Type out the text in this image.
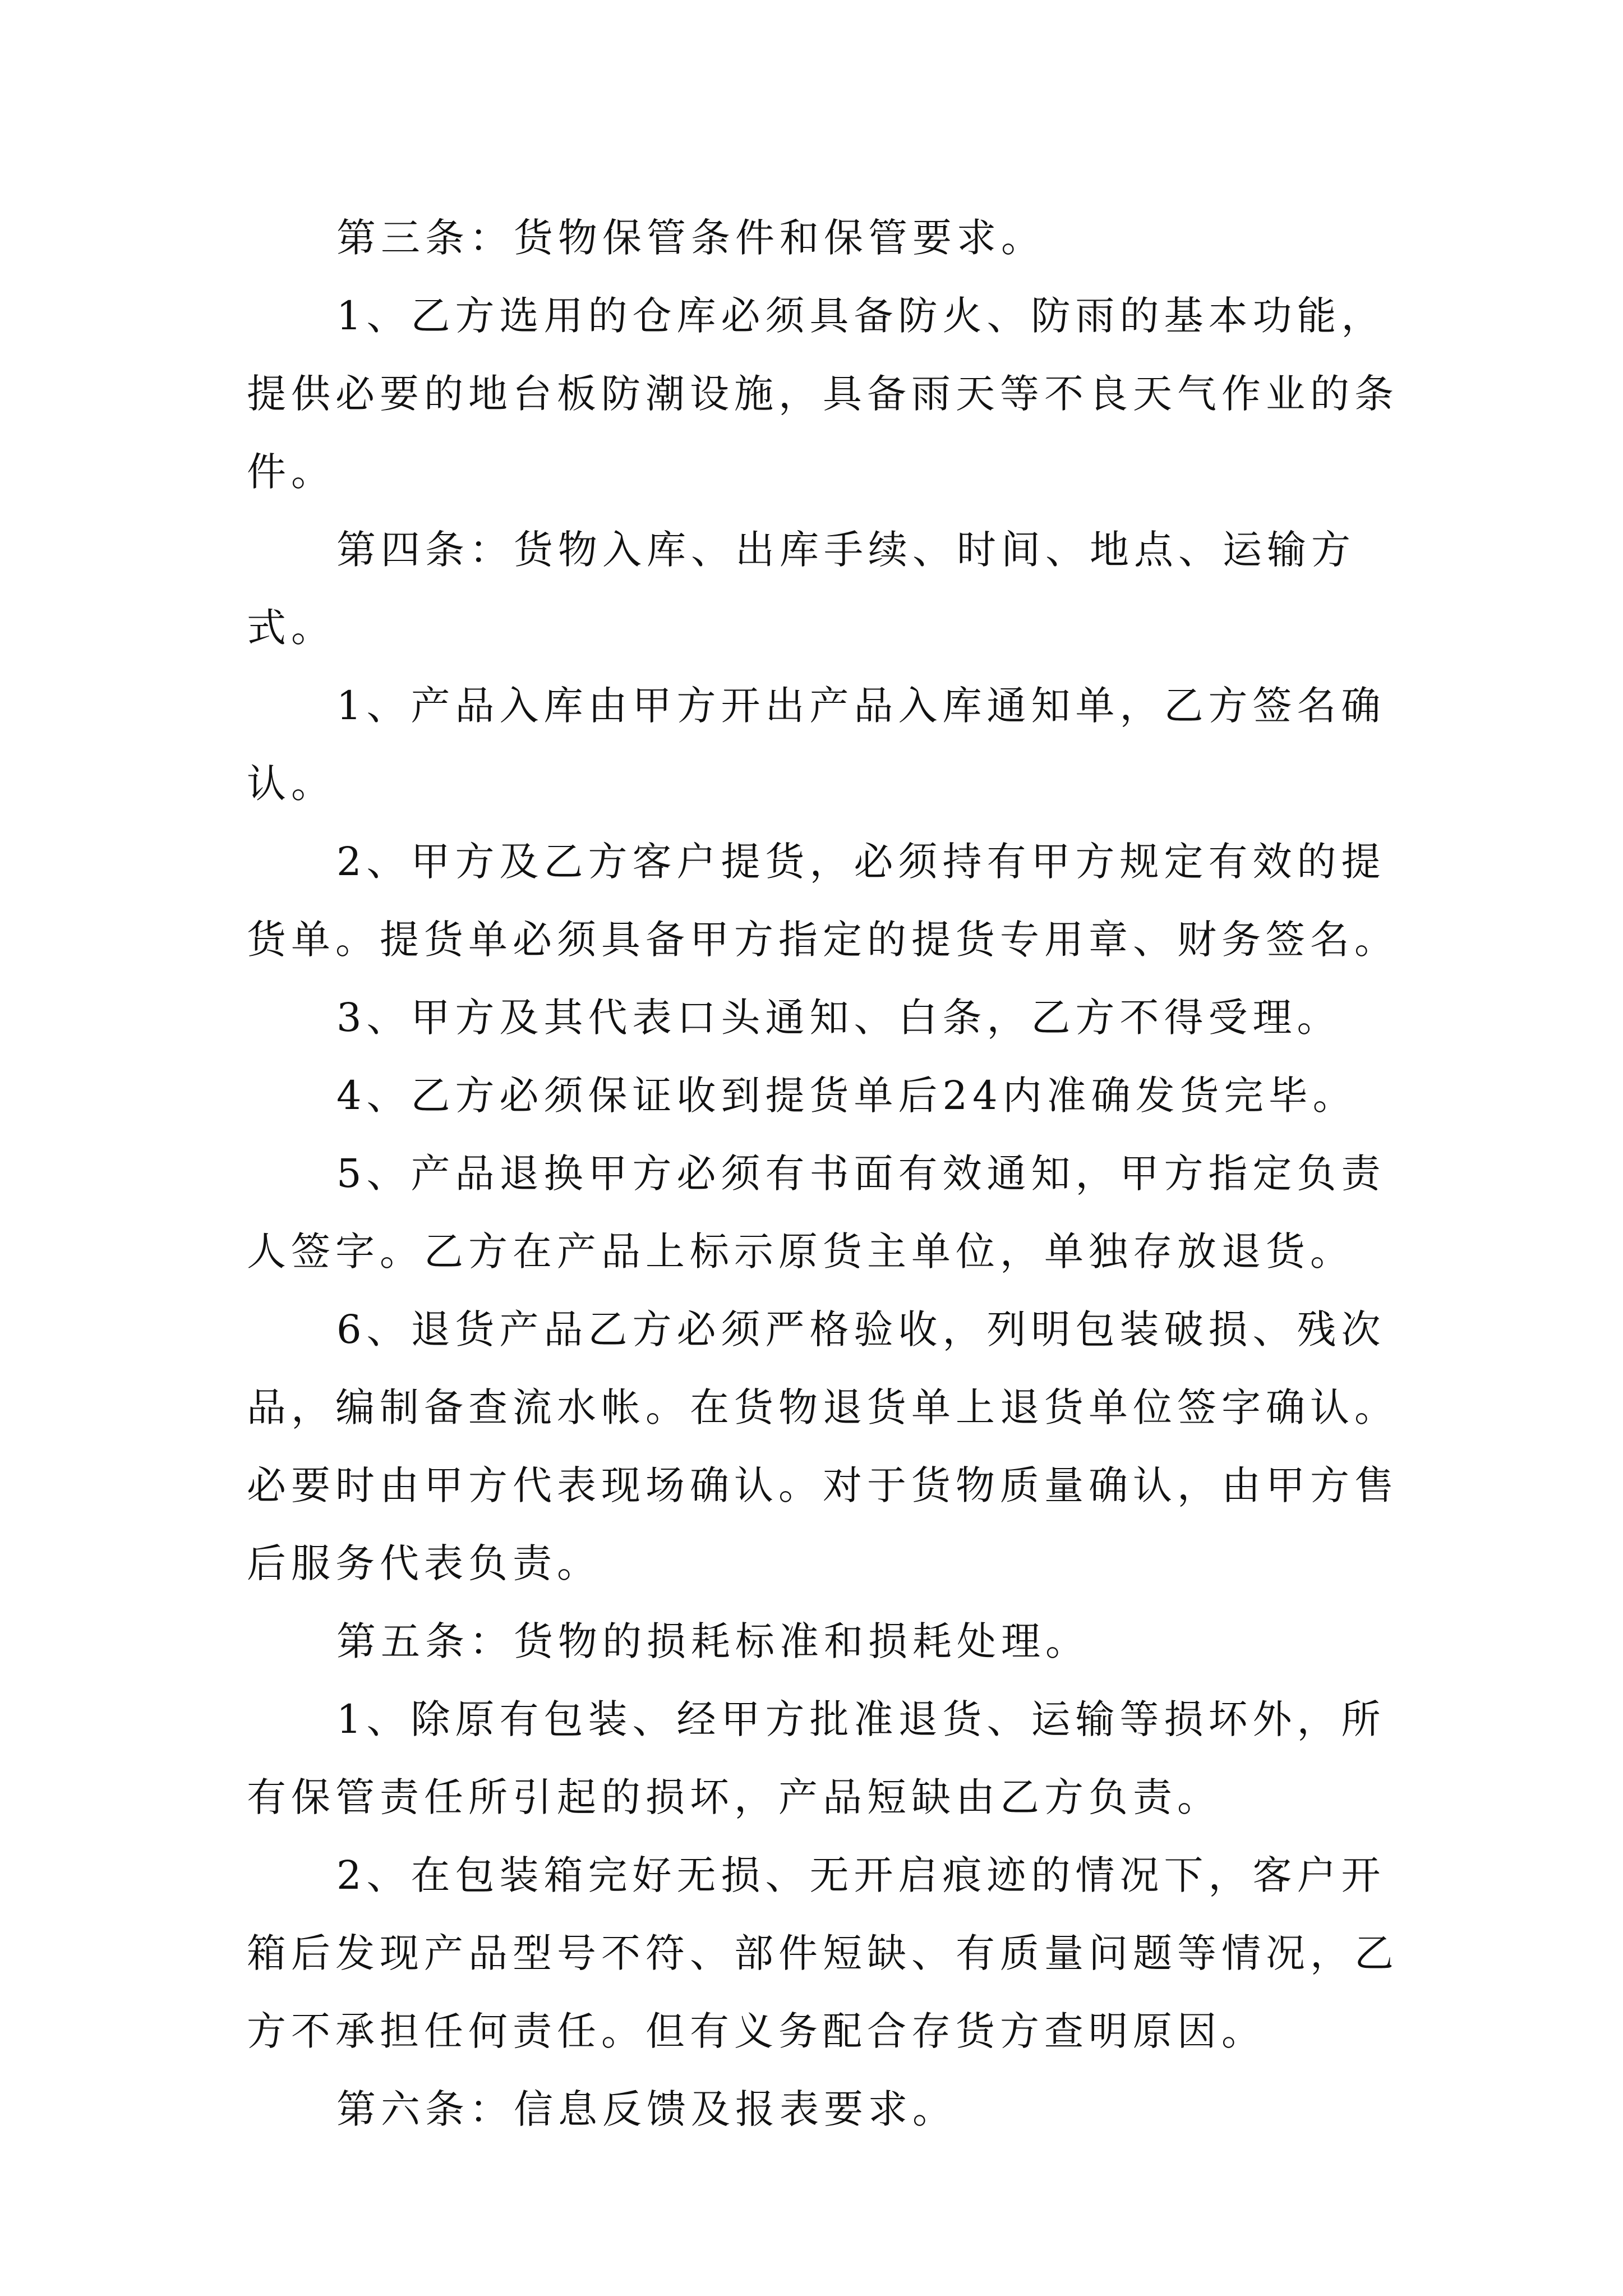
第三条：货物保管条件和保管要求。

1、乙方选用的仓库必须具备防火、防雨的基本功能，提供必要的地台板防潮设施，具备雨天等不良天气作业的条件。

第四条：货物入库、出库手续、时间、地点、运输方式。

1、产品入库由甲方开出产品入库通知单，乙方签名确认。

2、甲方及乙方客户提货，必须持有甲方规定有效的提货单。提货单必须具备甲方指定的提货专用章、财务签名。

3、甲方及其代表口头通知、白条，乙方不得受理。

4、乙方必须保证收到提货单后24内准确发货完毕。

5、产品退换甲方必须有书面有效通知，甲方指定负责人签字。乙方在产品上标示原货主单位，单独存放退货。

6、退货产品乙方必须严格验收，列明包装破损、残次品，编制备查流水帐。在货物退货单上退货单位签字确认。必要时由甲方代表现场确认。对于货物质量确认，由甲方售后服务代表负责。

第五条：货物的损耗标准和损耗处理。

1、除原有包装、经甲方批准退货、运输等损坏外，所有保管责任所引起的损坏，产品短缺由乙方负责。

2、在包装箱完好无损、无开启痕迹的情况下，客户开箱后发现产品型号不符、部件短缺、有质量问题等情况，乙方不承担任何责任。但有义务配合存货方查明原因。

第六条：信息反馈及报表要求。
